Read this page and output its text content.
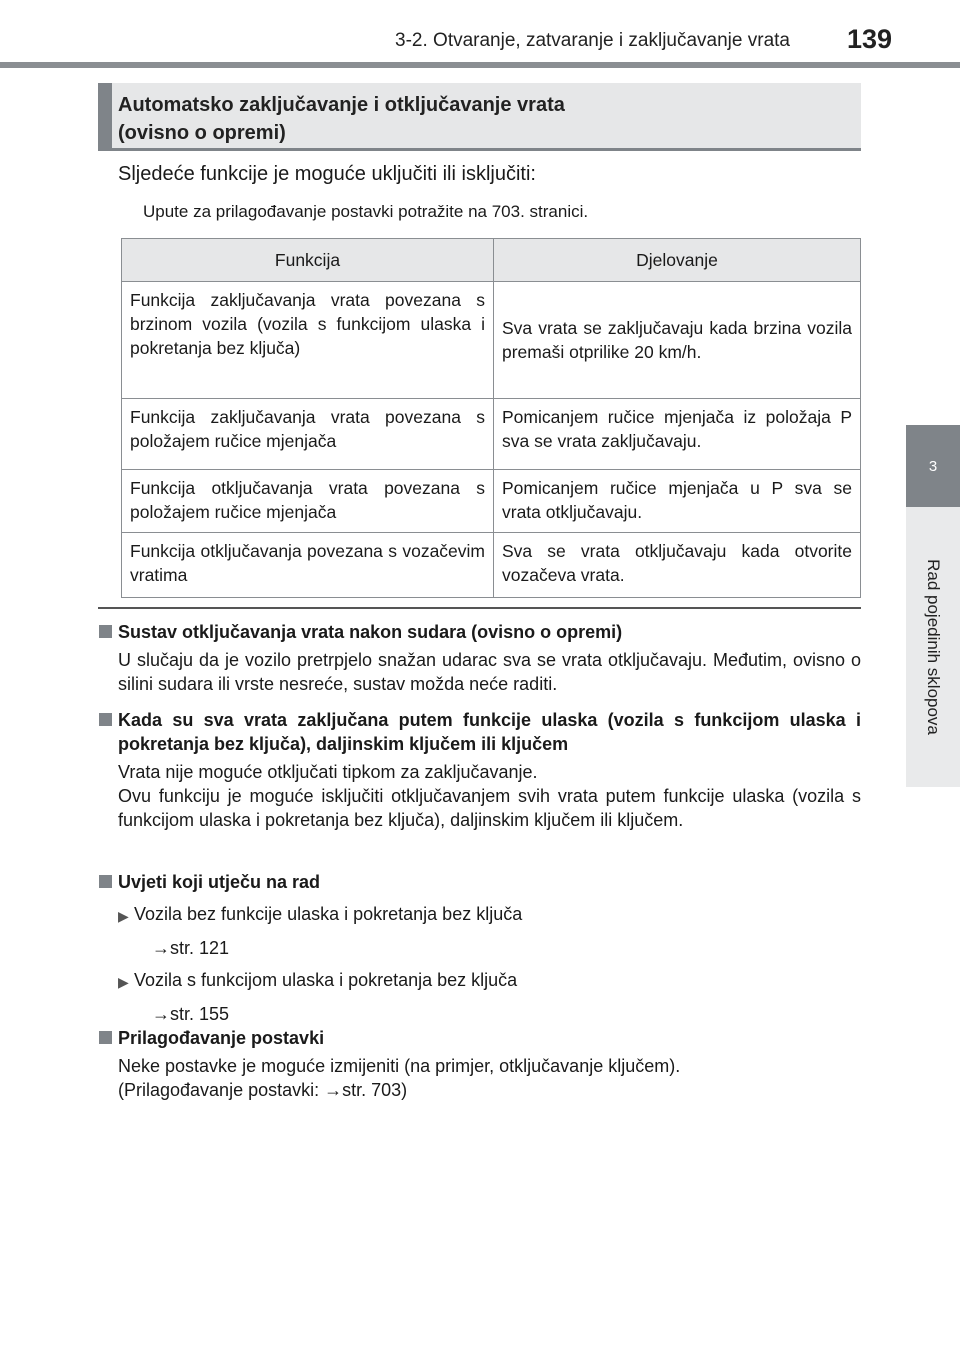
3-2. Otvaranje, zatvaranje i zaključavanje vrata 139
3
Rad pojedinih sklopova
Automatsko zaključavanje i otključavanje vrata
(ovisno o opremi)
Sljedeće funkcije je moguće uključiti ili isključiti:
Upute za prilagođavanje postavki potražite na 703. stranici.
Funkcija	Djelovanje
Funkcija zaključavanja vrata povezana s brzinom vozila (vozila s funkcijom ulaska i pokretanja bez ključa)	Sva vrata se zaključavaju kada brzina vozila premaši otprilike 20 km/h.
Funkcija zaključavanja vrata povezana s položajem ručice mjenjača	Pomicanjem ručice mjenjača iz položaja P sva se vrata zaključavaju.
Funkcija otključavanja vrata povezana s položajem ručice mjenjača	Pomicanjem ručice mjenjača u P sva se vrata otključavaju.
Funkcija otključavanja povezana s vozačevim vratima	Sva se vrata otključavaju kada otvorite vozačeva vrata.
Sustav otključavanja vrata nakon sudara (ovisno o opremi)
U slučaju da je vozilo pretrpjelo snažan udarac sva se vrata otključavaju. Međutim, ovisno o silini sudara ili vrste nesreće, sustav možda neće raditi.
Kada su sva vrata zaključana putem funkcije ulaska (vozila s funkcijom ulaska i pokretanja bez ključa), daljinskim ključem ili ključem
Vrata nije moguće otključati tipkom za zaključavanje.
Ovu funkciju je moguće isključiti otključavanjem svih vrata putem funkcije ulaska (vozila s funkcijom ulaska i pokretanja bez ključa), daljinskim ključem ili ključem.
Uvjeti koji utječu na rad
▶ Vozila bez funkcije ulaska i pokretanja bez ključa
→str. 121
▶ Vozila s funkcijom ulaska i pokretanja bez ključa
→str. 155
Prilagođavanje postavki
Neke postavke je moguće izmijeniti (na primjer, otključavanje ključem).
(Prilagođavanje postavki: →str. 703)
